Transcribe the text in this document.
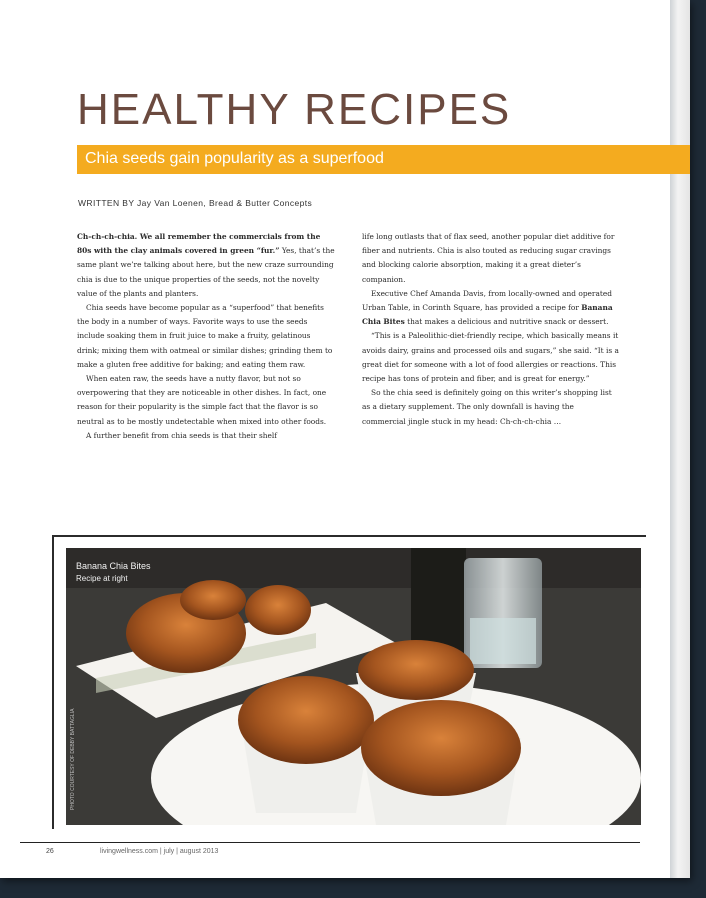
HEALTHY RECIPES
Chia seeds gain popularity as a superfood
WRITTEN BY Jay Van Loenen, Bread & Butter Concepts

Ch-ch-ch-chia. We all remember the commercials from the 80s with the clay animals covered in green “fur.” Yes, that’s the same plant we’re talking about here, but the new craze surrounding chia is due to the unique properties of the seeds, not the novelty value of the plants and planters.

Chia seeds have become popular as a “superfood” that benefits the body in a number of ways. Favorite ways to use the seeds include soaking them in fruit juice to make a fruity, gelatinous drink; mixing them with oatmeal or similar dishes; grinding them to make a gluten free additive for baking; and eating them raw.

When eaten raw, the seeds have a nutty flavor, but not so overpowering that they are noticeable in other dishes. In fact, one reason for their popularity is the simple fact that the flavor is so neutral as to be mostly undetectable when mixed into other foods.

A further benefit from chia seeds is that their shelf

life long outlasts that of flax seed, another popular diet additive for fiber and nutrients. Chia is also touted as reducing sugar cravings and blocking calorie absorption, making it a great dieter’s companion.

Executive Chef Amanda Davis, from locally-owned and operated Urban Table, in Corinth Square, has provided a recipe for Banana Chia Bites that makes a delicious and nutritive snack or dessert.

“This is a Paleolithic-diet-friendly recipe, which basically means it avoids dairy, grains and processed oils and sugars,” she said. “It is a great diet for someone with a lot of food allergies or reactions. This recipe has tons of protein and fiber, and is great for energy.”

So the chia seed is definitely going on this writer’s shopping list as a dietary supplement. The only downfall is having the commercial jingle stuck in my head: Ch-ch-ch-chia …

Banana Chia Bites
Recipe at right
PHOTO COURTESY OF DEBBY BATTAGLIA
26	livingwellness.com | july | august 2013
